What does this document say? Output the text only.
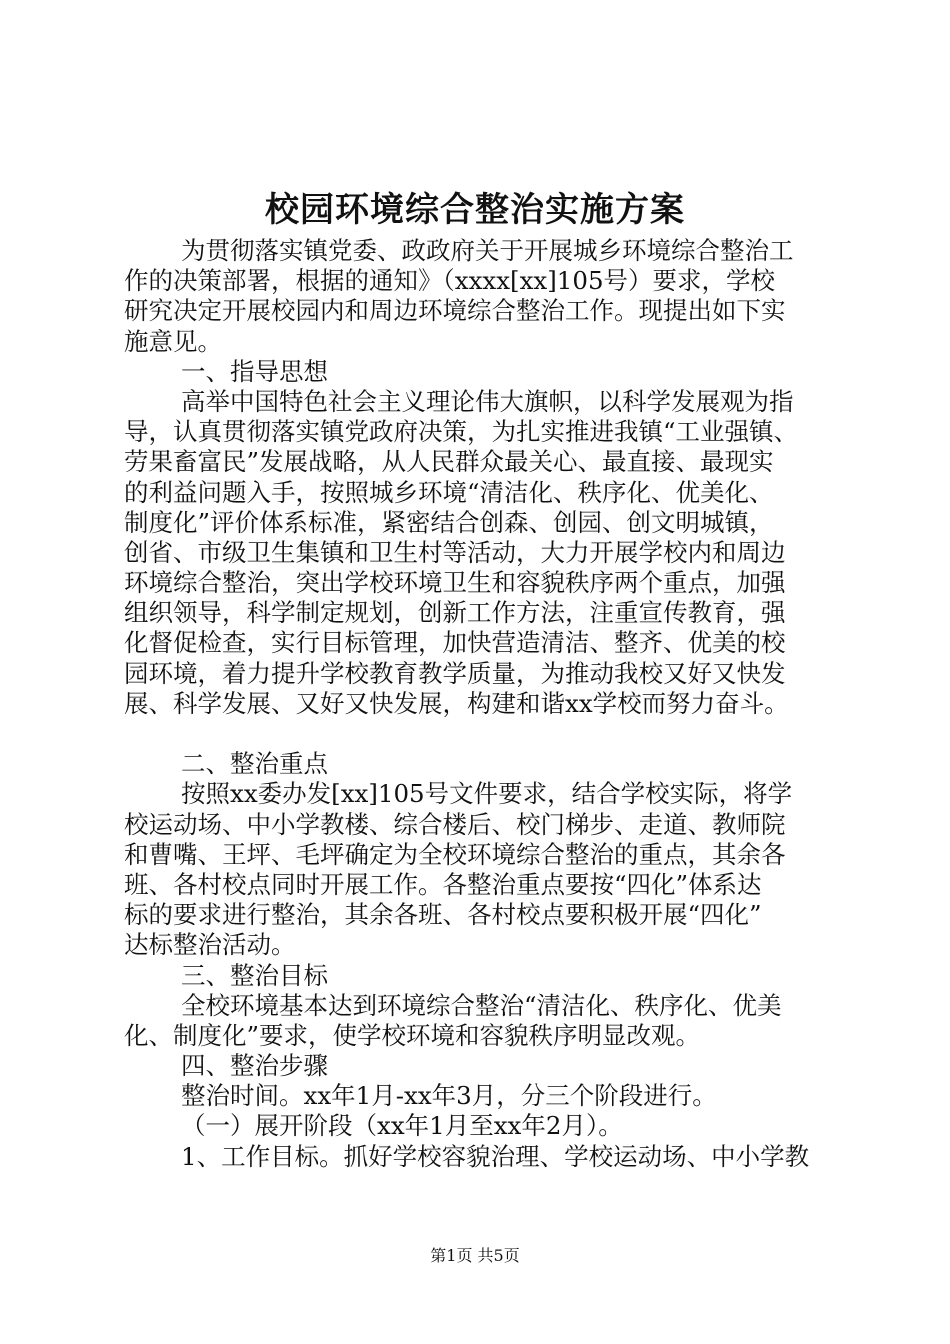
校园环境综合整治实施方案
为贯彻落实镇党委、政政府关于开展城乡环境综合整治工
作的决策部署，根据的通知》（xxxx[xx]105号）要求，学校
研究决定开展校园内和周边环境综合整治工作。现提出如下实
施意见。
一、指导思想
高举中国特色社会主义理论伟大旗帜，以科学发展观为指
导，认真贯彻落实镇党政府决策，为扎实推进我镇“工业强镇、
劳果畜富民”发展战略，从人民群众最关心、最直接、最现实
的利益问题入手，按照城乡环境“清洁化、秩序化、优美化、
制度化”评价体系标准，紧密结合创森、创园、创文明城镇，
创省、市级卫生集镇和卫生村等活动，大力开展学校内和周边
环境综合整治，突出学校环境卫生和容貌秩序两个重点，加强
组织领导，科学制定规划，创新工作方法，注重宣传教育，强
化督促检查，实行目标管理，加快营造清洁、整齐、优美的校
园环境，着力提升学校教育教学质量，为推动我校又好又快发
展、科学发展、又好又快发展，构建和谐xx学校而努力奋斗。
二、整治重点
按照xx委办发[xx]105号文件要求，结合学校实际，将学
校运动场、中小学教楼、综合楼后、校门梯步、走道、教师院
和曹嘴、王坪、毛坪确定为全校环境综合整治的重点，其余各
班、各村校点同时开展工作。各整治重点要按“四化”体系达
标的要求进行整治，其余各班、各村校点要积极开展“四化”
达标整治活动。
三、整治目标
全校环境基本达到环境综合整治“清洁化、秩序化、优美
化、制度化”要求，使学校环境和容貌秩序明显改观。
四、整治步骤
整治时间。xx年1月-xx年3月，分三个阶段进行。
（一）展开阶段（xx年1月至xx年2月）。
1、工作目标。抓好学校容貌治理、学校运动场、中小学教
第1页 共5页
